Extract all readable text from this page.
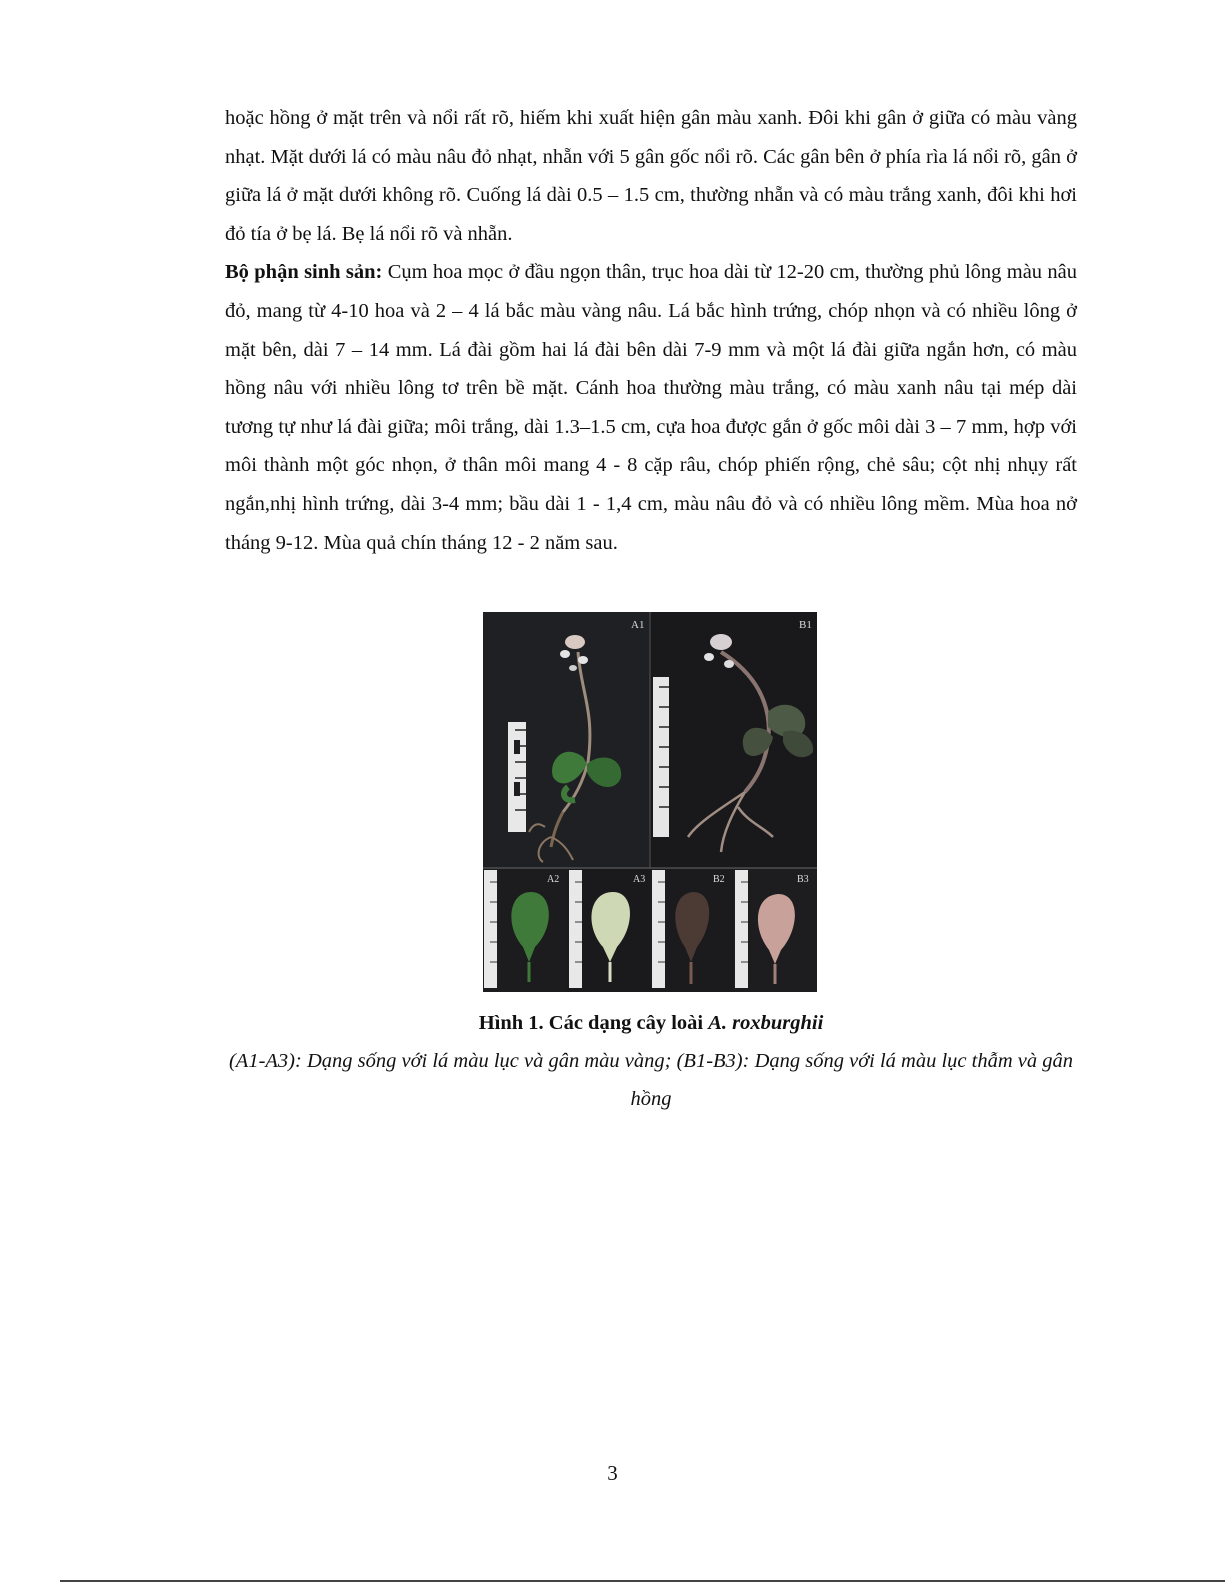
hoặc hồng ở mặt trên và nổi rất rõ, hiếm khi xuất hiện gân màu xanh. Đôi khi gân ở giữa có màu vàng nhạt. Mặt dưới lá có màu nâu đỏ nhạt, nhẵn với 5 gân gốc nổi rõ. Các gân bên ở phía rìa lá nổi rõ, gân ở giữa lá ở mặt dưới không rõ. Cuống lá dài 0.5 – 1.5 cm, thường nhẵn và có màu trắng xanh, đôi khi hơi đỏ tía ở bẹ lá. Bẹ lá nổi rõ và nhẵn.

Bộ phận sinh sản: Cụm hoa mọc ở đầu ngọn thân, trục hoa dài từ 12-20 cm, thường phủ lông màu nâu đỏ, mang từ 4-10 hoa và 2 – 4 lá bắc màu vàng nâu. Lá bắc hình trứng, chóp nhọn và có nhiều lông ở mặt bên, dài 7 – 14 mm. Lá đài gồm hai lá đài bên dài 7-9 mm và một lá đài giữa ngắn hơn, có màu hồng nâu với nhiều lông tơ trên bề mặt. Cánh hoa thường màu trắng, có màu xanh nâu tại mép dài tương tự như lá đài giữa; môi trắng, dài 1.3–1.5 cm, cựa hoa được gắn ở gốc môi dài 3 – 7 mm, hợp với môi thành một góc nhọn, ở thân môi mang 4 - 8 cặp râu, chóp phiến rộng, chẻ sâu; cột nhị nhụy rất ngắn,nhị hình trứng, dài 3-4 mm; bầu dài 1 - 1,4 cm, màu nâu đỏ và có nhiều lông mềm. Mùa hoa nở tháng 9-12. Mùa quả chín tháng 12 - 2 năm sau.

A1	B1
A2	A3	B2	B3
Hình 1. Các dạng cây loài A. roxburghii
(A1-A3): Dạng sống với lá màu lục và gân màu vàng; (B1-B3): Dạng sống với lá màu lục thẫm và gân hồng
3
